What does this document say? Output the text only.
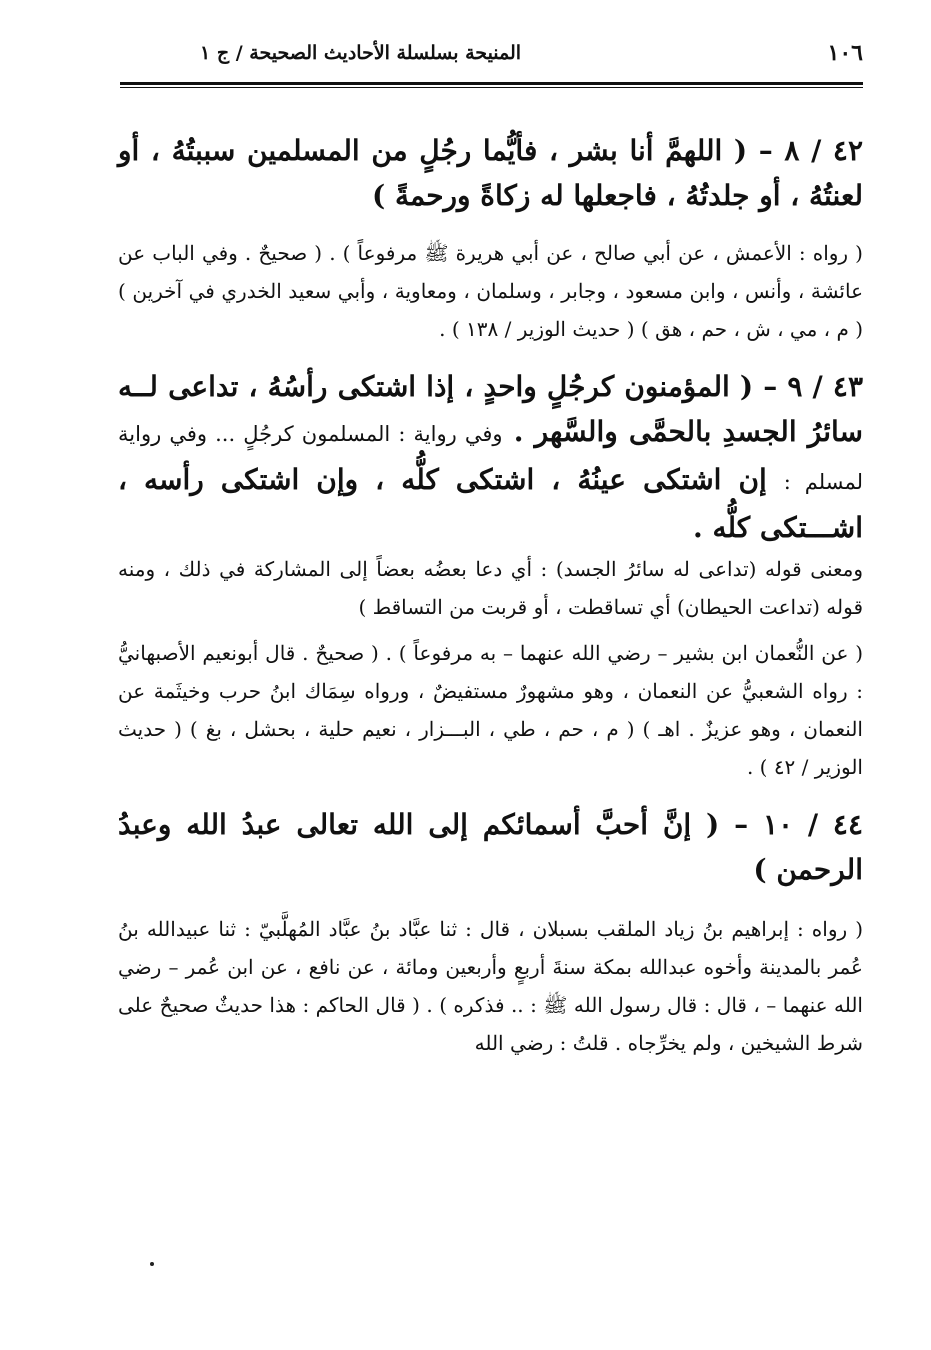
١٠٦
المنيحة بسلسلة الأحاديث الصحيحة / ج ١

٤٢ / ٨ – ( اللهمَّ أنا بشر ، فأيُّما رجُلٍ من المسلمين سببتُهُ ، أو لعنتُهُ ، أو جلدتُهُ ، فاجعلها له زكاةً ورحمةً )

( رواه : الأعمش ، عن أبي صالح ، عن أبي هريرة ﷺ مرفوعاً ) . ( صحيحٌ . وفي الباب عن عائشة ، وأنس ، وابن مسعود ، وجابر ، وسلمان ، ومعاوية ، وأبي سعيد الخدري في آخرين ) ( م ، مي ، ش ، حم ، هق ) ( حديث الوزير / ١٣٨ ) .

٤٣ / ٩ – ( المؤمنون كرجُلٍ واحدٍ ، إذا اشتكى رأسُهُ ، تداعى لــه سائرُ الجسدِ بالحمَّى والسَّهر . وفي رواية : المسلمون كرجُلٍ ... وفي رواية لمسلم : إن اشتكى عينُهُ ، اشتكى كلُّه ، وإن اشتكى رأسه ، اشـــتكى كلُّه .

ومعنى قوله (تداعى له سائرُ الجسد) : أي دعا بعضُه بعضاً إلى المشاركة في ذلك ، ومنه قوله (تداعت الحيطان) أي تساقطت ، أو قربت من التساقط )

( عن النُّعمان ابن بشير – رضي الله عنهما – به مرفوعاً ) . ( صحيحٌ . قال أبونعيم الأصبهانيُّ : رواه الشعبيُّ عن النعمان ، وهو مشهورٌ مستفيضٌ ، ورواه سِمَاك ابنُ حرب وخيثَمة عن النعمان ، وهو عزيزٌ . اهـ ) ( م ، حم ، طي ، البـــزار ، نعيم حلية ، بحشل ، بغ ) ( حديث الوزير / ٤٢ ) .

٤٤ / ١٠ – ( إنَّ أحبَّ أسمائكم إلى الله تعالى عبدُ الله وعبدُ الرحمن )

( رواه : إبراهيم بنُ زياد الملقب بسبلان ، قال : ثنا عبَّاد بنُ عبَّاد المُهلَّبيّ : ثنا عبيدالله بنُ عُمر بالمدينة وأخوه عبدالله بمكة سنةَ أربعٍ وأربعين ومائة ، عن نافع ، عن ابن عُمر – رضي الله عنهما – ، قال : قال رسول الله ﷺ : .. فذكره ) . ( قال الحاكم : هذا حديثٌ صحيحٌ على شرط الشيخين ، ولم يخرِّجاه . قلتُ : رضي الله
